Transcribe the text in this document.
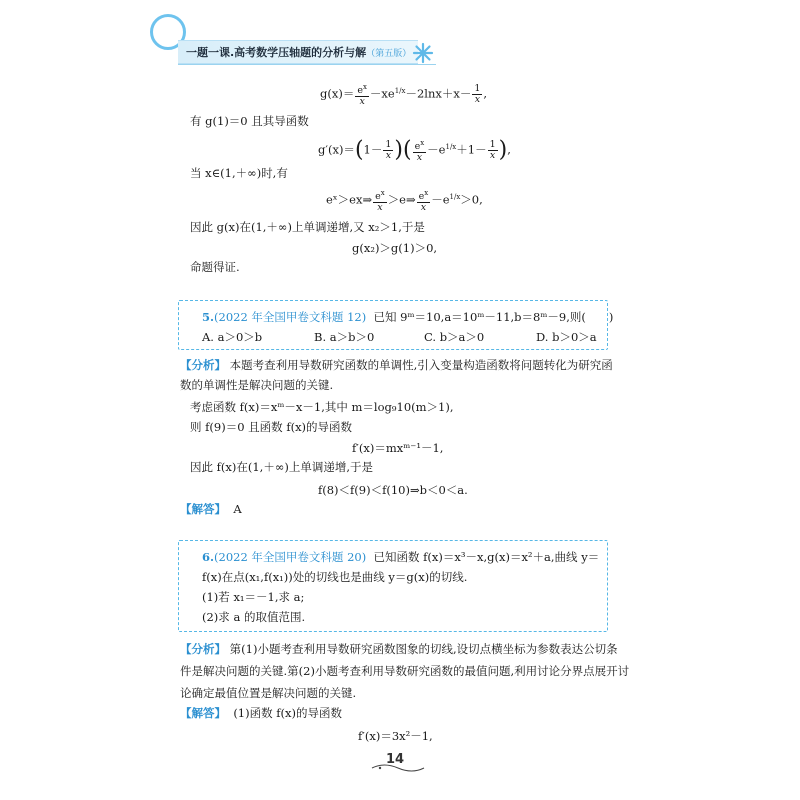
一题一课.高考数学压轴题的分析与解（第五版）
$g(x)= \frac{e^x}{x} -xe^{1/x}-2\ln x+x- \frac{1}{x}$ ,
有 g(1)＝0 且其导函数
$g'(x)=(1- \frac{1}{x}$ )( $\frac{e^x}{x} -e^{1/x}+1- \frac{1}{x}$ ),
当 x∈(1,＋∞)时,有
eˣ＞ex⇒ $\frac{e^x}{x}$ ＞e⇒ $\frac{e^x}{x} -e^{1/x}>0$,
因此 g(x)在(1,＋∞)上单调递增,又 x₂＞1,于是
g(x₂)＞g(1)＞0,
命题得证.
5.(2022 年全国甲卷文科题 12) 已知 9ᵐ＝10,a＝10ᵐ－11,b＝8ᵐ－9,则(　　)
A. a＞0＞b	B. a＞b＞0	C. b＞a＞0	D. b＞0＞a
【分析】 本题考查利用导数研究函数的单调性,引入变量构造函数将问题转化为研究函
数的单调性是解决问题的关键.
考虑函数 f(x)＝xᵐ－x－1,其中 m＝log₉10(m＞1),
则 f(9)＝0 且函数 f(x)的导函数
f′(x)＝mxᵐ⁻¹－1,
因此 f(x)在(1,＋∞)上单调递增,于是
f(8)＜f(9)＜f(10)⇒b＜0＜a.
【解答】 A
6.(2022 年全国甲卷文科题 20) 已知函数 f(x)＝x³－x,g(x)＝x²＋a,曲线 y＝
f(x)在点(x₁,f(x₁))处的切线也是曲线 y＝g(x)的切线.
(1)若 x₁＝－1,求 a;
(2)求 a 的取值范围.
【分析】 第(1)小题考查利用导数研究函数图象的切线,设切点横坐标为参数表达公切条
件是解决问题的关键.第(2)小题考查利用导数研究函数的最值问题,利用讨论分界点展开讨
论确定最值位置是解决问题的关键.
【解答】 (1)函数 f(x)的导函数
f′(x)＝3x²－1,
14
